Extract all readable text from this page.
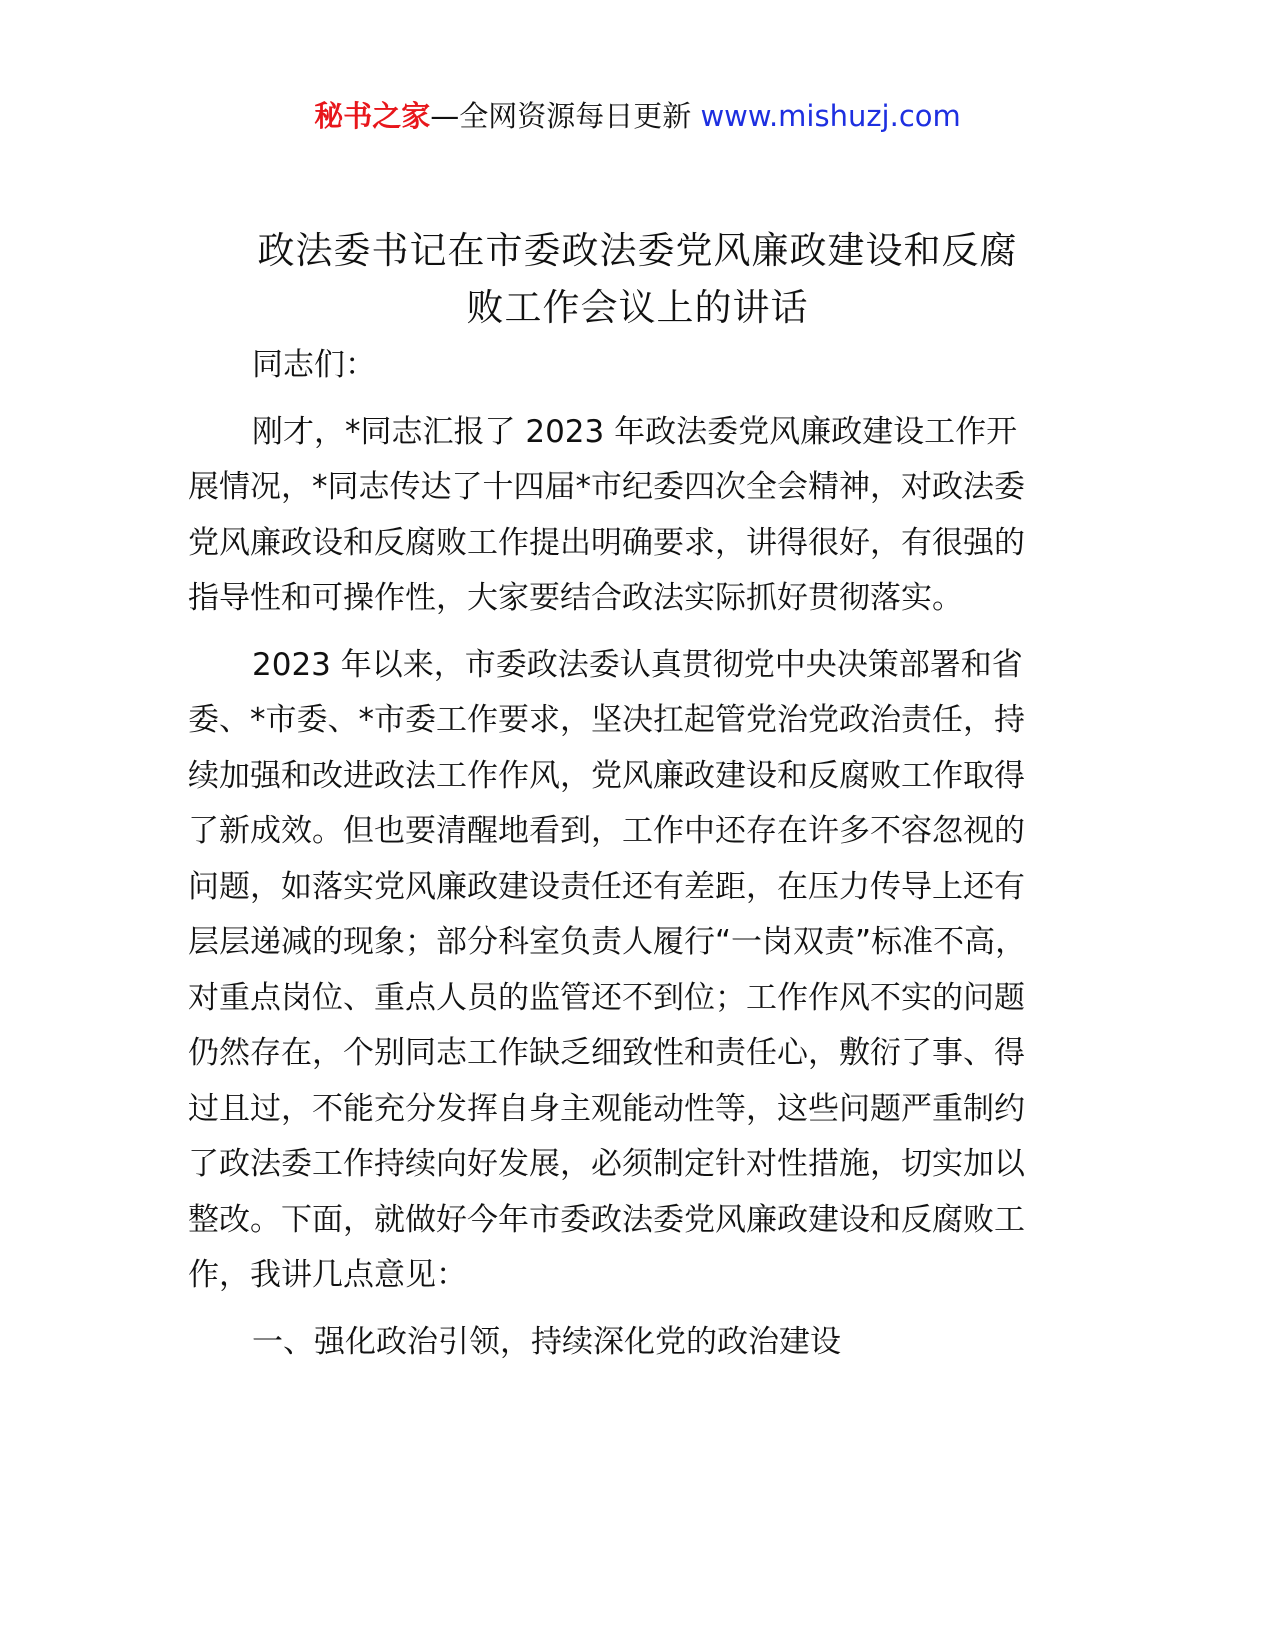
秘书之家—全网资源每日更新 www.mishuzj.com
政法委书记在市委政法委党风廉政建设和反腐
败工作会议上的讲话

同志们：

刚才，*同志汇报了 2023 年政法委党风廉政建设工作开
展情况，*同志传达了十四届*市纪委四次全会精神，对政法委
党风廉政设和反腐败工作提出明确要求，讲得很好，有很强的
指导性和可操作性，大家要结合政法实际抓好贯彻落实。

2023 年以来，市委政法委认真贯彻党中央决策部署和省
委、*市委、*市委工作要求，坚决扛起管党治党政治责任，持
续加强和改进政法工作作风，党风廉政建设和反腐败工作取得
了新成效。但也要清醒地看到，工作中还存在许多不容忽视的
问题，如落实党风廉政建设责任还有差距，在压力传导上还有
层层递减的现象；部分科室负责人履行“一岗双责”标准不高，
对重点岗位、重点人员的监管还不到位；工作作风不实的问题
仍然存在，个别同志工作缺乏细致性和责任心，敷衍了事、得
过且过，不能充分发挥自身主观能动性等，这些问题严重制约
了政法委工作持续向好发展，必须制定针对性措施，切实加以
整改。下面，就做好今年市委政法委党风廉政建设和反腐败工
作，我讲几点意见：

一、强化政治引领，持续深化党的政治建设
